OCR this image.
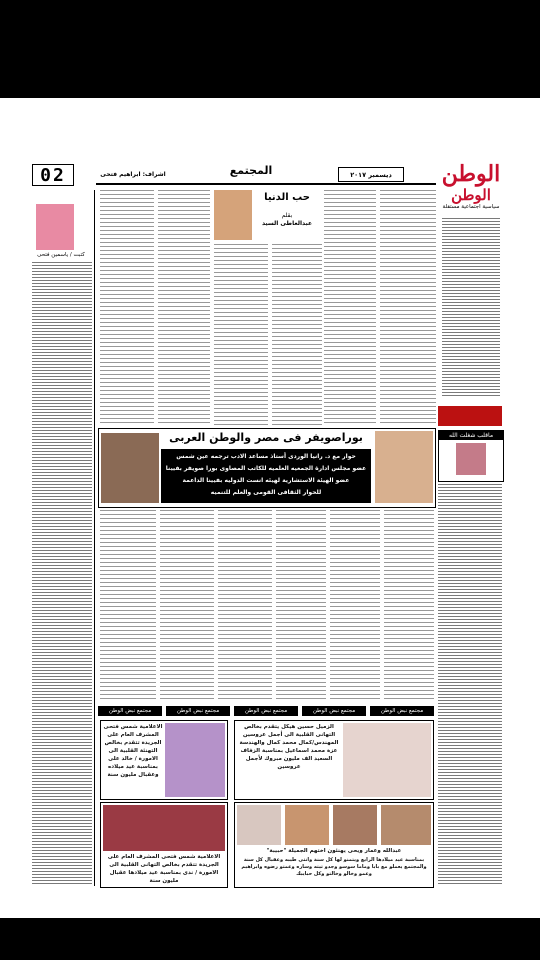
02	اشراف: ابراهيم فتحى	المجتمع	ديسمبر ٢٠١٧ الوطن
الوطن
سياسية اجتماعية مستقلة
كتبت / ياسمين فتحى
حب الدنيا
بقلم
عبدالعاطى السيد
بوراصويفر فى مصر والوطن العربى
حوار مع د. رانيا الوردى أستاذ مساعد الادب ترجمه عين شمس
عضو مجلس ادارة الجمعيه العلميه للكاتب المصاوى بورا صويفر بفيينا
عضو الهيئة الاستشارية لهيئه انست الدوليه بفيينا الداعمة
للحوار الثقافى القومى والعلم للتنميه
ماقلب شغلت الله
مجتمع نبض الوطن	مجتمع نبض الوطن	مجتمع نبض الوطن	مجتمع نبض الوطن	مجتمع نبض الوطن
الاعلامية شمس فتحى المشرف العام على الجريدة تتقدم بخالص التهنئة القلبية الى الامورة / خالد على بمناسبة عيد ميلاده وعقبال مليون سنة
الزميل حسين هيكل يتقدم بخالص التهانى القلبية الى أجمل عروسين المهندس/كمال محمد كمال والهندسة عزة محمد اسماعيل بمناسبة الزفاف السعيد الف مليون مبروك لأجمل عروسين
الاعلامية شمس فتحى المشرف العام على الجريدة تتقدم بخالص التهانى القلبية الى الامورة / ندى بمناسبة عيد ميلادها عقبال مليون سنة
عبدالله وعمار ويحى يهنئون اختهم الجميلة "حبيبة"
بمناسبة عيد ميلادها الرابع ويتمنو لها كل سنة وانتى طيبه وعقبال كل سنة والمجتمع يعملو مع بابا وماما سوسو وجدو تيته وساره وعمتو رضوه وابراهيم وعمو وخالو وخالتو وكل حبايبك
